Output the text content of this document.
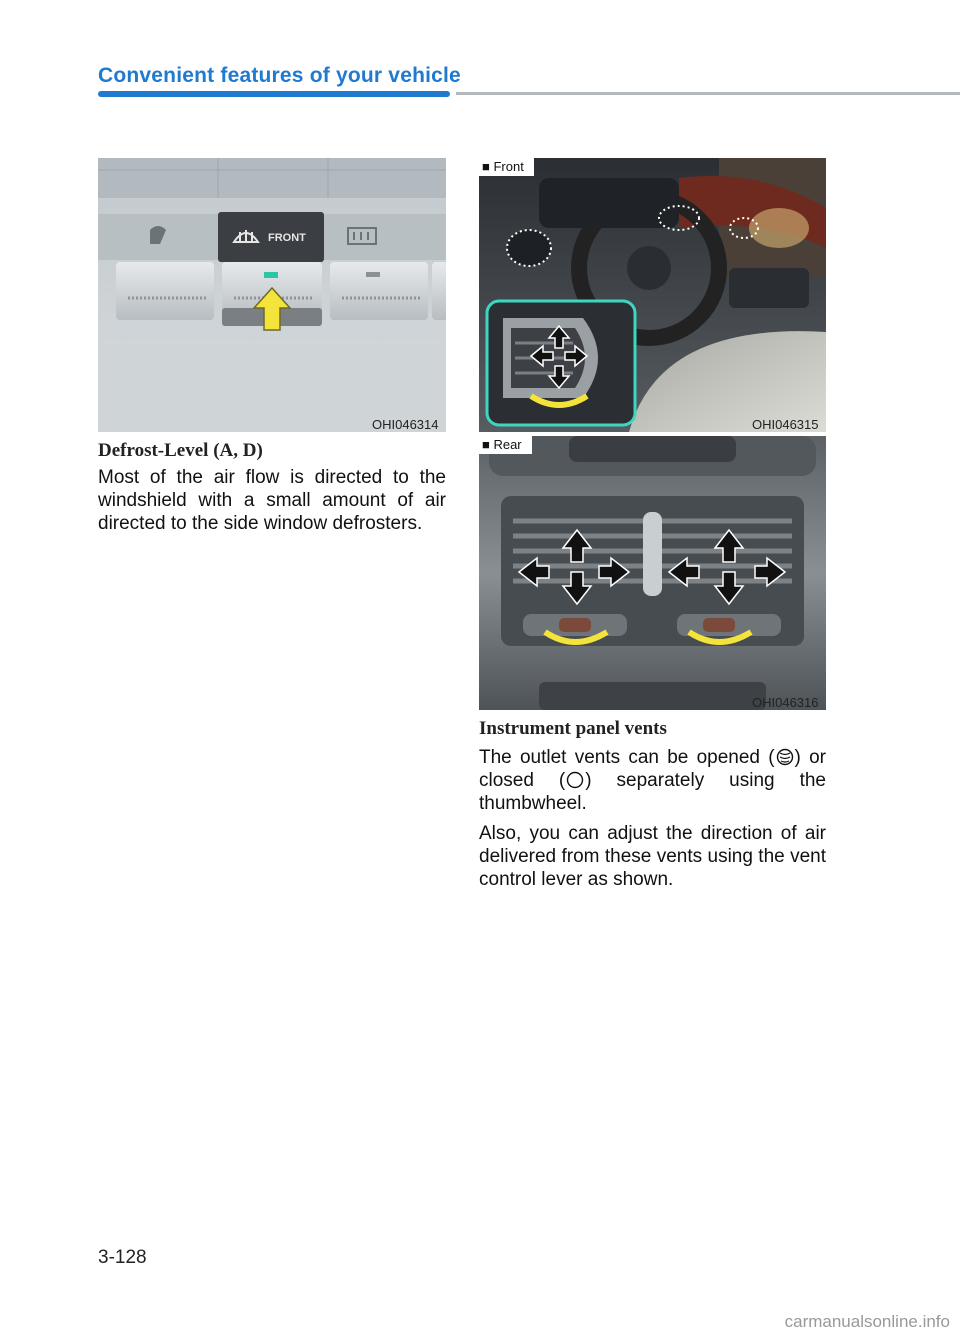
Convenient features of your vehicle
FRONT
OHI046314
■ Front
OHI046315
■ Rear
OHI046316
Defrost-Level (A, D)
Most of the air flow is directed to the windshield with a small amount of air directed to the side window defrosters.
Instrument panel vents
The outlet vents can be opened ( ) or closed ( ) separately using the thumbwheel.
Also, you can adjust the direction of air delivered from these vents using the vent control lever as shown.
3-128
carmanualsonline.info
